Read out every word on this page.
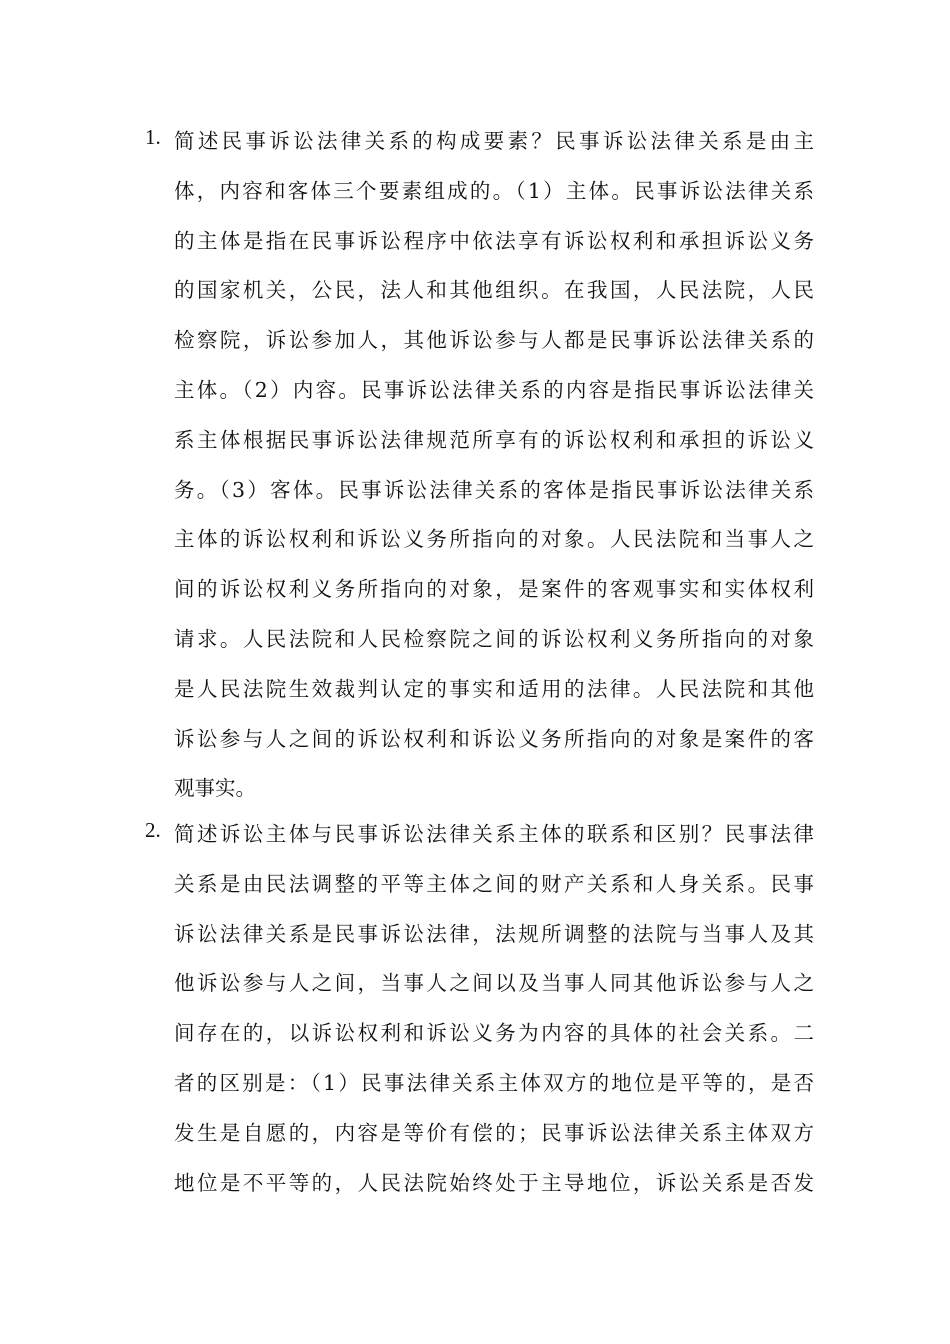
1. 简述民事诉讼法律关系的构成要素？民事诉讼法律关系是由主
体，内容和客体三个要素组成的。（1）主体。民事诉讼法律关系
的主体是指在民事诉讼程序中依法享有诉讼权利和承担诉讼义务
的国家机关，公民，法人和其他组织。在我国，人民法院，人民
检察院，诉讼参加人，其他诉讼参与人都是民事诉讼法律关系的
主体。（2）内容。民事诉讼法律关系的内容是指民事诉讼法律关
系主体根据民事诉讼法律规范所享有的诉讼权利和承担的诉讼义
务。（3）客体。民事诉讼法律关系的客体是指民事诉讼法律关系
主体的诉讼权利和诉讼义务所指向的对象。人民法院和当事人之
间的诉讼权利义务所指向的对象，是案件的客观事实和实体权利
请求。人民法院和人民检察院之间的诉讼权利义务所指向的对象
是人民法院生效裁判认定的事实和适用的法律。人民法院和其他
诉讼参与人之间的诉讼权利和诉讼义务所指向的对象是案件的客
观事实。
2. 简述诉讼主体与民事诉讼法律关系主体的联系和区别？民事法律
关系是由民法调整的平等主体之间的财产关系和人身关系。民事
诉讼法律关系是民事诉讼法律，法规所调整的法院与当事人及其
他诉讼参与人之间，当事人之间以及当事人同其他诉讼参与人之
间存在的，以诉讼权利和诉讼义务为内容的具体的社会关系。二
者的区别是：（1）民事法律关系主体双方的地位是平等的，是否
发生是自愿的，内容是等价有偿的；民事诉讼法律关系主体双方
地位是不平等的，人民法院始终处于主导地位，诉讼关系是否发
